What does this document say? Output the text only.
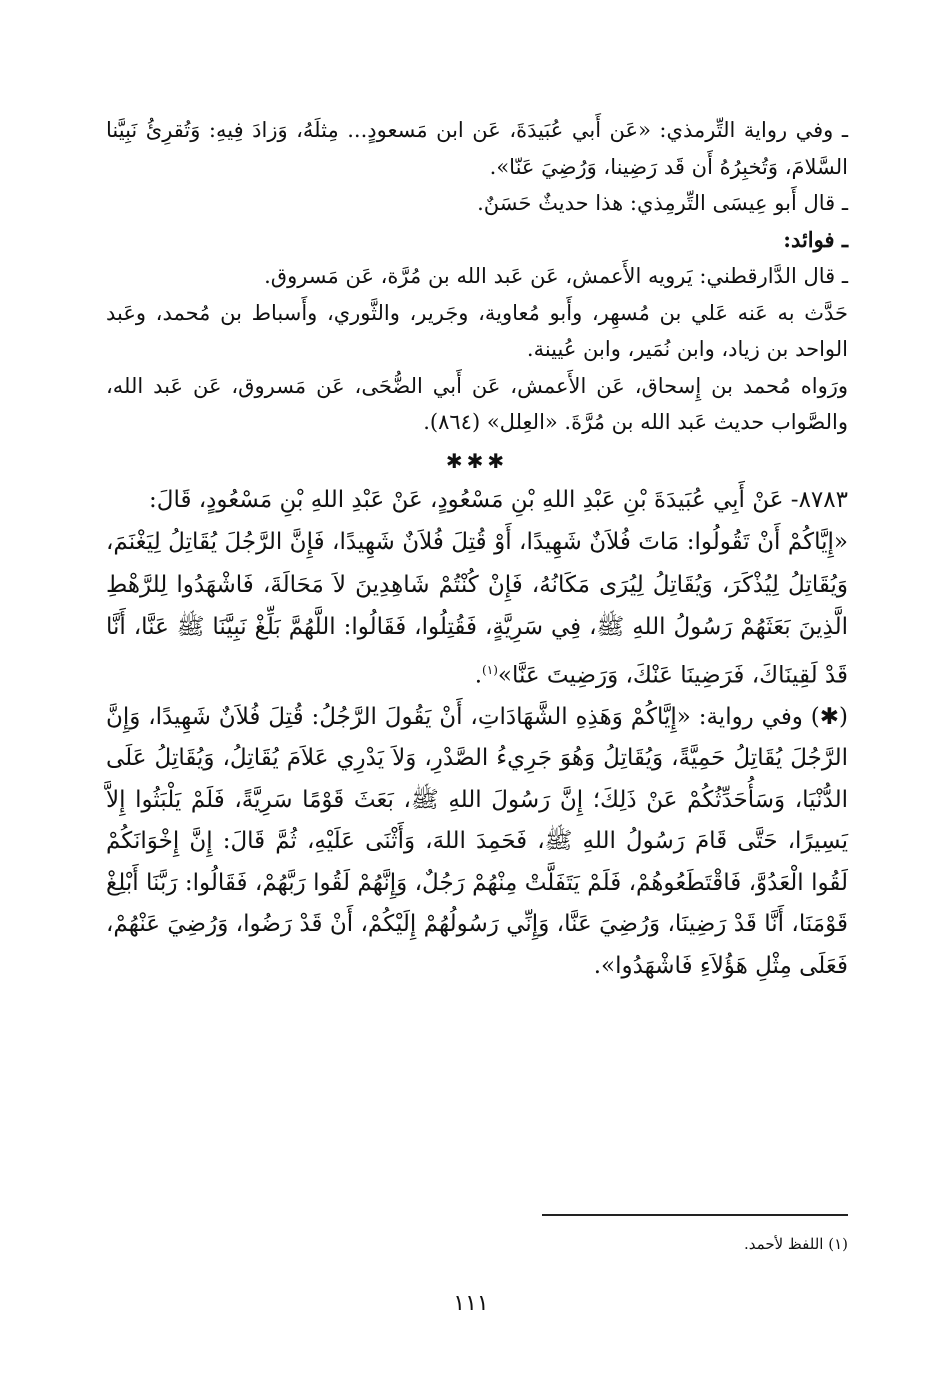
ـ وفي رواية التِّرمذي: «عَن أَبي عُبَيدَةَ، عَن ابن مَسعودٍ... مِثلَهُ، وَزادَ فِيهِ: وَتُقرِئُ نَبِيَّنا السَّلامَ، وَتُخبِرُهُ أَن قَد رَضِينا، وَرُضِيَ عَنّا».

ـ قال أَبو عِيسَى التِّرمِذي: هذا حديثٌ حَسَنٌ.

ـ فوائد:

ـ قال الدَّارقطني: يَرويه الأَعمش، عَن عَبد الله بن مُرَّة، عَن مَسروق.

حَدَّث به عَنه عَلي بن مُسهِر، وأَبو مُعاوية، وجَرير، والثَّوري، وأَسباط بن مُحمد، وعَبد الواحد بن زياد، وابن نُمَير، وابن عُيينة.

ورَواه مُحمد بن إِسحاق، عَن الأَعمش، عَن أَبي الضُّحَى، عَن مَسروق، عَن عَبد الله، والصَّواب حديث عَبد الله بن مُرَّةَ. «العِلل» (٨٦٤).

✱✱✱

٨٧٨٣- عَنْ أَبِي عُبَيدَةَ بْنِ عَبْدِ اللهِ بْنِ مَسْعُودٍ، عَنْ عَبْدِ اللهِ بْنِ مَسْعُودٍ، قَالَ:

«إِيَّاكُمْ أَنْ تَقُولُوا: مَاتَ فُلاَنٌ شَهِيدًا، أَوْ قُتِلَ فُلاَنٌ شَهِيدًا، فَإِنَّ الرَّجُلَ يُقَاتِلُ لِيَغْنَمَ، وَيُقَاتِلُ لِيُذْكَرَ، وَيُقَاتِلُ لِيُرَى مَكَانُهُ، فَإِنْ كُنْتُمْ شَاهِدِينَ لاَ مَحَالَةَ، فَاشْهَدُوا لِلرَّهْطِ الَّذِينَ بَعَثَهُمْ رَسُولُ اللهِ ﷺ، فِي سَرِيَّةٍ، فَقُتِلُوا، فَقَالُوا: اللَّهُمَّ بَلِّغْ نَبِيَّنَا ﷺ عَنَّا، أَنَّا قَدْ لَقِينَاكَ، فَرَضِينَا عَنْكَ، وَرَضِيتَ عَنَّا»$^{(١)}$.

(✱) وفي رواية: «إِيَّاكُمْ وَهَذِهِ الشَّهَادَاتِ، أَنْ يَقُولَ الرَّجُلُ: قُتِلَ فُلاَنٌ شَهِيدًا، وَإِنَّ الرَّجُلَ يُقَاتِلُ حَمِيَّةً، وَيُقَاتِلُ وَهُوَ جَرِيءُ الصَّدْرِ، وَلاَ يَدْرِي عَلاَمَ يُقَاتِلُ، وَيُقَاتِلُ عَلَى الدُّنْيَا، وَسَأُحَدِّثُكُمْ عَنْ ذَلِكَ؛ إِنَّ رَسُولَ اللهِ ﷺ، بَعَثَ قَوْمًا سَرِيَّةً، فَلَمْ يَلْبَثُوا إِلاَّ يَسِيرًا، حَتَّى قَامَ رَسُولُ اللهِ ﷺ، فَحَمِدَ اللهَ، وَأَثْنَى عَلَيْهِ، ثُمَّ قَالَ: إِنَّ إِخْوَانَكُمْ لَقُوا الْعَدُوَّ، فَاقْتَطَعُوهُمْ، فَلَمْ يَتَفَلَّتْ مِنْهُمْ رَجُلٌ، وَإِنَّهُمْ لَقُوا رَبَّهُمْ، فَقَالُوا: رَبَّنَا أَبْلِغْ قَوْمَنَا، أَنَّا قَدْ رَضِينَا، وَرُضِيَ عَنَّا، وَإِنِّي رَسُولُهُمْ إِلَيْكُمْ، أَنْ قَدْ رَضُوا، وَرُضِيَ عَنْهُمْ، فَعَلَى مِثْلِ هَؤُلاَءِ فَاشْهَدُوا».

(١) اللفظ لأحمد.
١١١
